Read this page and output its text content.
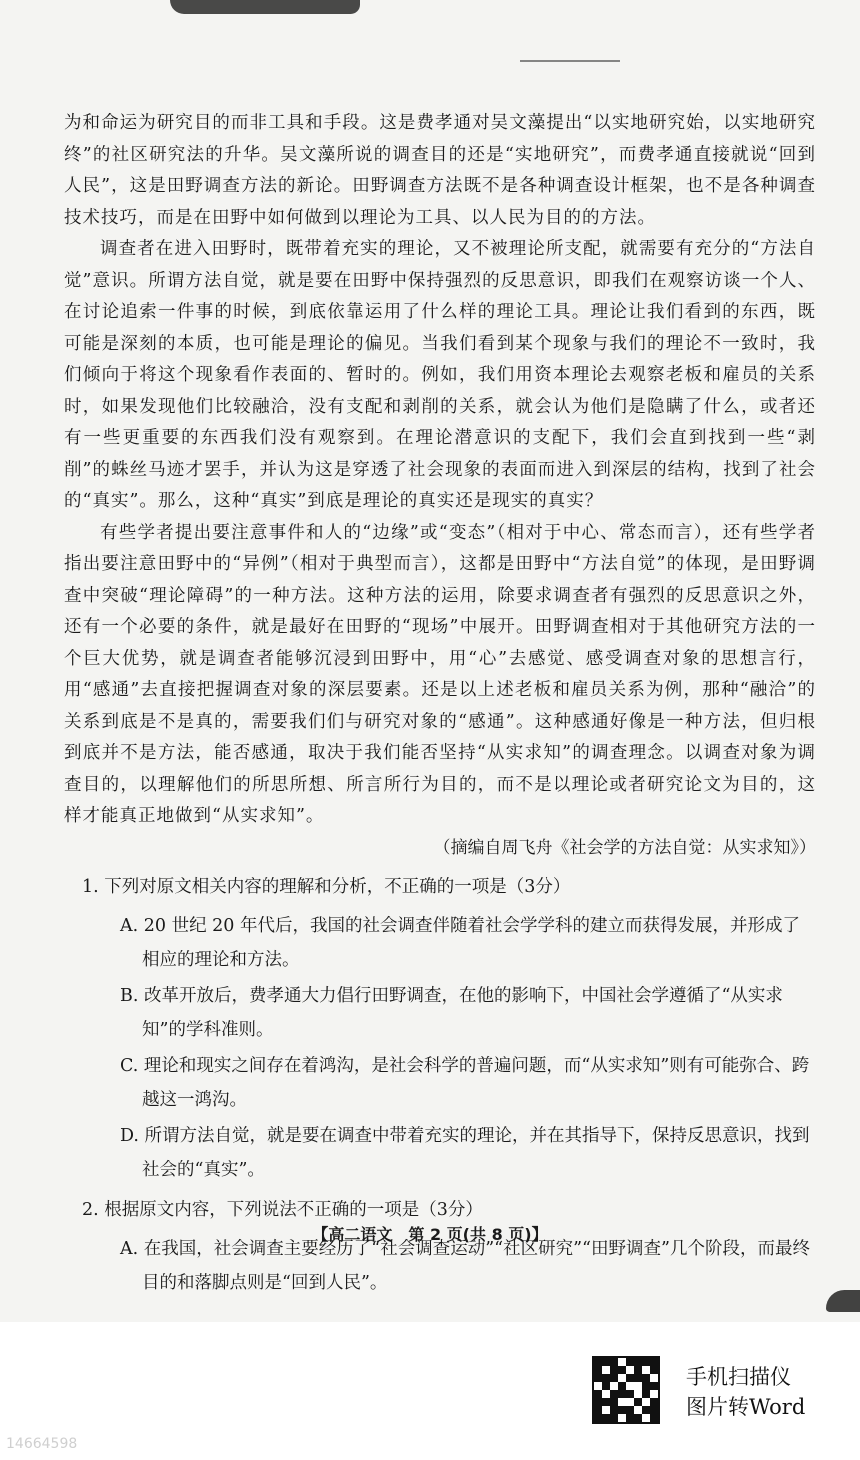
为和命运为研究目的而非工具和手段。这是费孝通对吴文藻提出“以实地研究始，以实地研究终”的社区研究法的升华。吴文藻所说的调查目的还是“实地研究”，而费孝通直接就说“回到人民”，这是田野调查方法的新论。田野调查方法既不是各种调查设计框架，也不是各种调查技术技巧，而是在田野中如何做到以理论为工具、以人民为目的的方法。

调查者在进入田野时，既带着充实的理论，又不被理论所支配，就需要有充分的“方法自觉”意识。所谓方法自觉，就是要在田野中保持强烈的反思意识，即我们在观察访谈一个人、在讨论追索一件事的时候，到底依靠运用了什么样的理论工具。理论让我们看到的东西，既可能是深刻的本质，也可能是理论的偏见。当我们看到某个现象与我们的理论不一致时，我们倾向于将这个现象看作表面的、暂时的。例如，我们用资本理论去观察老板和雇员的关系时，如果发现他们比较融洽，没有支配和剥削的关系，就会认为他们是隐瞒了什么，或者还有一些更重要的东西我们没有观察到。在理论潜意识的支配下，我们会直到找到一些“剥削”的蛛丝马迹才罢手，并认为这是穿透了社会现象的表面而进入到深层的结构，找到了社会的“真实”。那么，这种“真实”到底是理论的真实还是现实的真实？

有些学者提出要注意事件和人的“边缘”或“变态”（相对于中心、常态而言），还有些学者指出要注意田野中的“异例”（相对于典型而言），这都是田野中“方法自觉”的体现，是田野调查中突破“理论障碍”的一种方法。这种方法的运用，除要求调查者有强烈的反思意识之外，还有一个必要的条件，就是最好在田野的“现场”中展开。田野调查相对于其他研究方法的一个巨大优势，就是调查者能够沉浸到田野中，用“心”去感觉、感受调查对象的思想言行，用“感通”去直接把握调查对象的深层要素。还是以上述老板和雇员关系为例，那种“融洽”的关系到底是不是真的，需要我们们与研究对象的“感通”。这种感通好像是一种方法，但归根到底并不是方法，能否感通，取决于我们能否坚持“从实求知”的调查理念。以调查对象为调查目的，以理解他们的所思所想、所言所行为目的，而不是以理论或者研究论文为目的，这样才能真正地做到“从实求知”。

（摘编自周飞舟《社会学的方法自觉：从实求知》）

1. 下列对原文相关内容的理解和分析，不正确的一项是（3分）

A. 20 世纪 20 年代后，我国的社会调查伴随着社会学学科的建立而获得发展，并形成了相应的理论和方法。

B. 改革开放后，费孝通大力倡行田野调查，在他的影响下，中国社会学遵循了“从实求知”的学科准则。

C. 理论和现实之间存在着鸿沟，是社会科学的普遍问题，而“从实求知”则有可能弥合、跨越这一鸿沟。

D. 所谓方法自觉，就是要在调查中带着充实的理论，并在其指导下，保持反思意识，找到社会的“真实”。

2. 根据原文内容，下列说法不正确的一项是（3分）

A. 在我国，社会调查主要经历了“社会调查运动”“社区研究”“田野调查”几个阶段，而最终目的和落脚点则是“回到人民”。

【高二语文　第 2 页(共 8 页)】
手机扫描仪
图片转Word
14664598
